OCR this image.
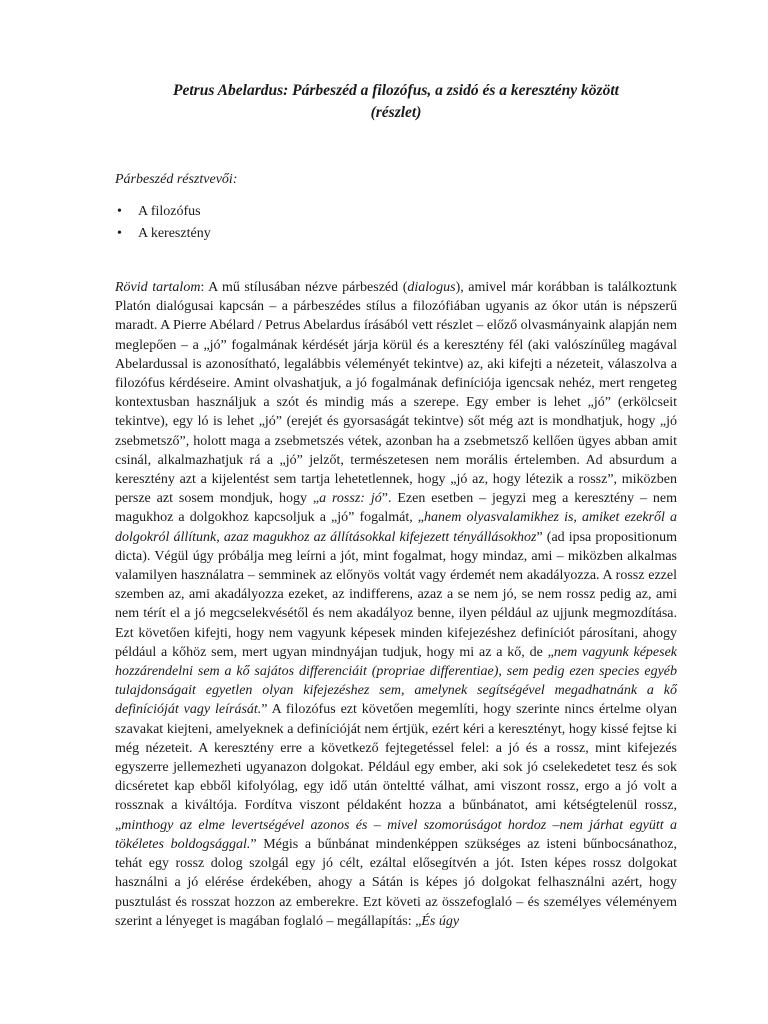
Petrus Abelardus: Párbeszéd a filozófus, a zsidó és a keresztény között
(részlet)
Párbeszéd résztvevői:
• A filozófus
• A keresztény

Rövid tartalom: A mű stílusában nézve párbeszéd (dialogus), amivel már korábban is találkoztunk Platón dialógusai kapcsán – a párbeszédes stílus a filozófiában ugyanis az ókor után is népszerű maradt. A Pierre Abélard / Petrus Abelardus írásából vett részlet – előző olvasmányaink alapján nem meglepően – a „jó” fogalmának kérdését járja körül és a keresztény fél (aki valószínűleg magával Abelardussal is azonosítható, legalábbis véleményét tekintve) az, aki kifejti a nézeteit, válaszolva a filozófus kérdéseire. Amint olvashatjuk, a jó fogalmának definíciója igencsak nehéz, mert rengeteg kontextusban használjuk a szót és mindig más a szerepe. Egy ember is lehet „jó” (erkölcseit tekintve), egy ló is lehet „jó” (erejét és gyorsaságát tekintve) sőt még azt is mondhatjuk, hogy „jó zsebmetsző”, holott maga a zsebmetszés vétek, azonban ha a zsebmetsző kellően ügyes abban amit csinál, alkalmazhatjuk rá a „jó” jelzőt, természetesen nem morális értelemben. Ad absurdum a keresztény azt a kijelentést sem tartja lehetetlennek, hogy „jó az, hogy létezik a rossz”, miközben persze azt sosem mondjuk, hogy „a rossz: jó”. Ezen esetben – jegyzi meg a keresztény – nem magukhoz a dolgokhoz kapcsoljuk a „jó” fogalmát, „hanem olyasvalamikhez is, amiket ezekről a dolgokról állítunk, azaz magukhoz az állításokkal kifejezett tényállásokhoz” (ad ipsa propositionum dicta). Végül úgy próbálja meg leírni a jót, mint fogalmat, hogy mindaz, ami – miközben alkalmas valamilyen használatra – semminek az előnyös voltát vagy érdemét nem akadályozza. A rossz ezzel szemben az, ami akadályozza ezeket, az indifferens, azaz a se nem jó, se nem rossz pedig az, ami nem térít el a jó megcselekvésétől és nem akadályoz benne, ilyen például az ujjunk megmozdítása. Ezt követően kifejti, hogy nem vagyunk képesek minden kifejezéshez definíciót párosítani, ahogy például a kőhöz sem, mert ugyan mindnyájan tudjuk, hogy mi az a kő, de „nem vagyunk képesek hozzárendelni sem a kő sajátos differenciáit (propriae differentiae), sem pedig ezen species egyéb tulajdonságait egyetlen olyan kifejezéshez sem, amelynek segítségével megadhatnánk a kő definícióját vagy leírását.” A filozófus ezt követően megemlíti, hogy szerinte nincs értelme olyan szavakat kiejteni, amelyeknek a definícióját nem értjük, ezért kéri a keresztényt, hogy kissé fejtse ki még nézeteit. A keresztény erre a következő fejtegetéssel felel: a jó és a rossz, mint kifejezés egyszerre jellemezheti ugyanazon dolgokat. Például egy ember, aki sok jó cselekedetet tesz és sok dicséretet kap ebből kifolyólag, egy idő után önteltté válhat, ami viszont rossz, ergo a jó volt a rossznak a kiváltója. Fordítva viszont példaként hozza a bűnbánatot, ami kétségtelenül rossz, „minthogy az elme levertségével azonos és – mivel szomorúságot hordoz –nem járhat együtt a tökéletes boldogsággal.” Mégis a bűnbánat mindenképpen szükséges az isteni bűnbocsánathoz, tehát egy rossz dolog szolgál egy jó célt, ezáltal elősegítvén a jót. Isten képes rossz dolgokat használni a jó elérése érdekében, ahogy a Sátán is képes jó dolgokat felhasználni azért, hogy pusztulást és rosszat hozzon az emberekre. Ezt követi az összefoglaló – és személyes véleményem szerint a lényeget is magában foglaló – megállapítás: „És úgy
